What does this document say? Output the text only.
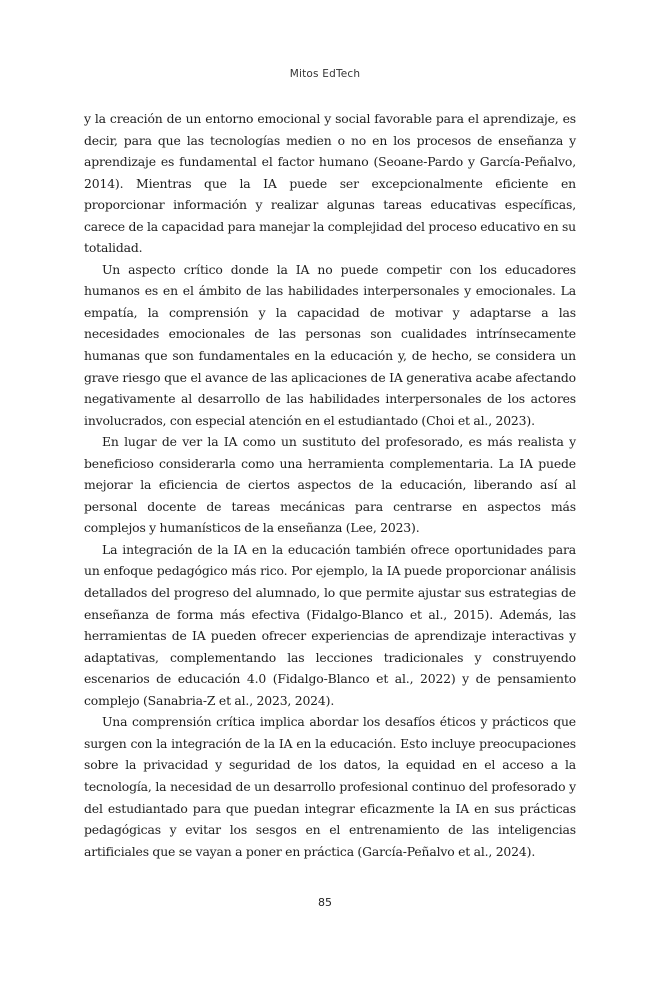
Mitos EdTech

y la creación de un entorno emocional y social favorable para el aprendizaje, es decir, para que las tecnologías medien o no en los procesos de enseñanza y aprendizaje es fundamental el factor humano (Seoane-Pardo y García-Peñalvo, 2014). Mientras que la IA puede ser excepcionalmente eficiente en proporcionar información y realizar algunas tareas educativas específicas, carece de la capacidad para manejar la complejidad del proceso educativo en su totalidad.

Un aspecto crítico donde la IA no puede competir con los educadores humanos es en el ámbito de las habilidades interpersonales y emocionales. La empatía, la comprensión y la capacidad de motivar y adaptarse a las necesidades emocionales de las personas son cualidades intrínsecamente humanas que son fundamentales en la educación y, de hecho, se considera un grave riesgo que el avance de las aplicaciones de IA generativa acabe afectando negativamente al desarrollo de las habilidades interpersonales de los actores involucrados, con especial atención en el estudiantado (Choi et al., 2023).

En lugar de ver la IA como un sustituto del profesorado, es más realista y beneficioso considerarla como una herramienta complementaria. La IA puede mejorar la eficiencia de ciertos aspectos de la educación, liberando así al personal docente de tareas mecánicas para centrarse en aspectos más complejos y humanísticos de la enseñanza (Lee, 2023).

La integración de la IA en la educación también ofrece oportunidades para un enfoque pedagógico más rico. Por ejemplo, la IA puede proporcionar análisis detallados del progreso del alumnado, lo que permite ajustar sus estrategias de enseñanza de forma más efectiva (Fidalgo-Blanco et al., 2015). Además, las herramientas de IA pueden ofrecer experiencias de aprendizaje interactivas y adaptativas, complementando las lecciones tradicionales y construyendo escenarios de educación 4.0 (Fidalgo-Blanco et al., 2022) y de pensamiento complejo (Sanabria-Z et al., 2023, 2024).

Una comprensión crítica implica abordar los desafíos éticos y prácticos que surgen con la integración de la IA en la educación. Esto incluye preocupaciones sobre la privacidad y seguridad de los datos, la equidad en el acceso a la tecnología, la necesidad de un desarrollo profesional continuo del profesorado y del estudiantado para que puedan integrar eficazmente la IA en sus prácticas pedagógicas y evitar los sesgos en el entrenamiento de las inteligencias artificiales que se vayan a poner en práctica (García-Peñalvo et al., 2024).

85
